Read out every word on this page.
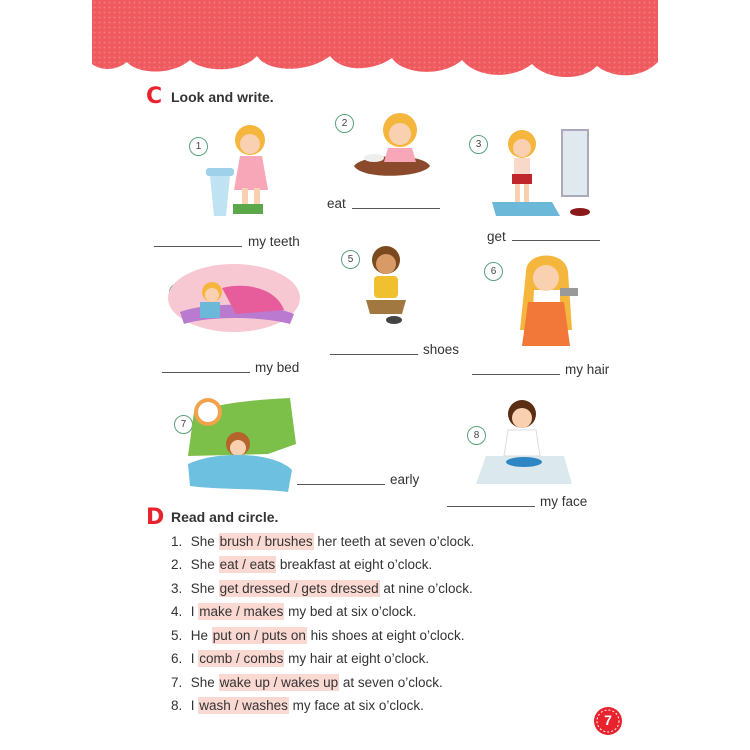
C Look and write.
1
my teeth
2
eat
3
get
my bed
5
shoes
6
my hair
7
early
8
my face
D Read and circle.
1. She brush / brushes her teeth at seven o’clock.
2. She eat / eats breakfast at eight o’clock.
3. She get dressed / gets dressed at nine o’clock.
4. I make / makes my bed at six o’clock.
5. He put on / puts on his shoes at eight o’clock.
6. I comb / combs my hair at eight o’clock.
7. She wake up / wakes up at seven o’clock.
8. I wash / washes my face at six o’clock.
7
